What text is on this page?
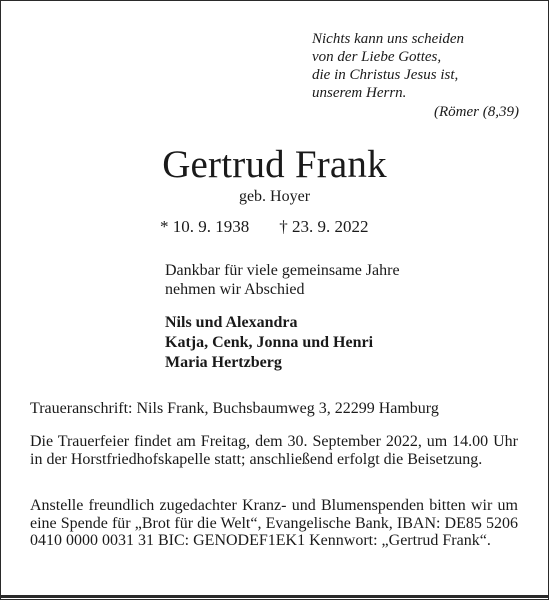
Nichts kann uns scheiden
von der Liebe Gottes,
die in Christus Jesus ist,
unserem Herrn.
(Römer (8,39)
Gertrud Frank
geb. Hoyer
* 10. 9. 1938 † 23. 9. 2022
Dankbar für viele gemeinsame Jahre
nehmen wir Abschied
Nils und Alexandra
Katja, Cenk, Jonna und Henri
Maria Hertzberg
Traueranschrift: Nils Frank, Buchsbaumweg 3, 22299 Hamburg
Die Trauerfeier findet am Freitag, dem 30. September 2022, um 14.00 Uhr in der Horstfriedhofskapelle statt; anschließend erfolgt die Beisetzung.
Anstelle freundlich zugedachter Kranz- und Blumenspenden bitten wir um eine Spende für „Brot für die Welt“, Evangelische Bank, IBAN: DE85 5206 0410 0000 0031 31 BIC: GENODEF1EK1 Kennwort: „Gertrud Frank“.
